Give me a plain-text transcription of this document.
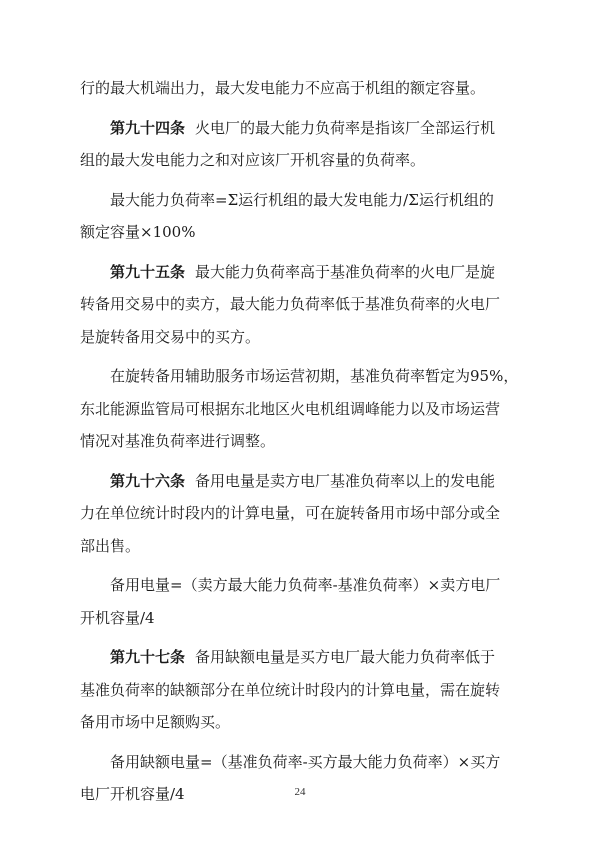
行的最大机端出力，最大发电能力不应高于机组的额定容量。
第九十四条 火电厂的最大能力负荷率是指该厂全部运行机
组的最大发电能力之和对应该厂开机容量的负荷率。
最大能力负荷率=Σ运行机组的最大发电能力/Σ运行机组的
额定容量×100%
第九十五条 最大能力负荷率高于基准负荷率的火电厂是旋
转备用交易中的卖方，最大能力负荷率低于基准负荷率的火电厂
是旋转备用交易中的买方。
在旋转备用辅助服务市场运营初期，基准负荷率暂定为95%，
东北能源监管局可根据东北地区火电机组调峰能力以及市场运营
情况对基准负荷率进行调整。
第九十六条 备用电量是卖方电厂基准负荷率以上的发电能
力在单位统计时段内的计算电量，可在旋转备用市场中部分或全
部出售。
备用电量=（卖方最大能力负荷率-基准负荷率）×卖方电厂
开机容量/4
第九十七条 备用缺额电量是买方电厂最大能力负荷率低于
基准负荷率的缺额部分在单位统计时段内的计算电量，需在旋转
备用市场中足额购买。
备用缺额电量=（基准负荷率-买方最大能力负荷率）×买方
电厂开机容量/4	24
